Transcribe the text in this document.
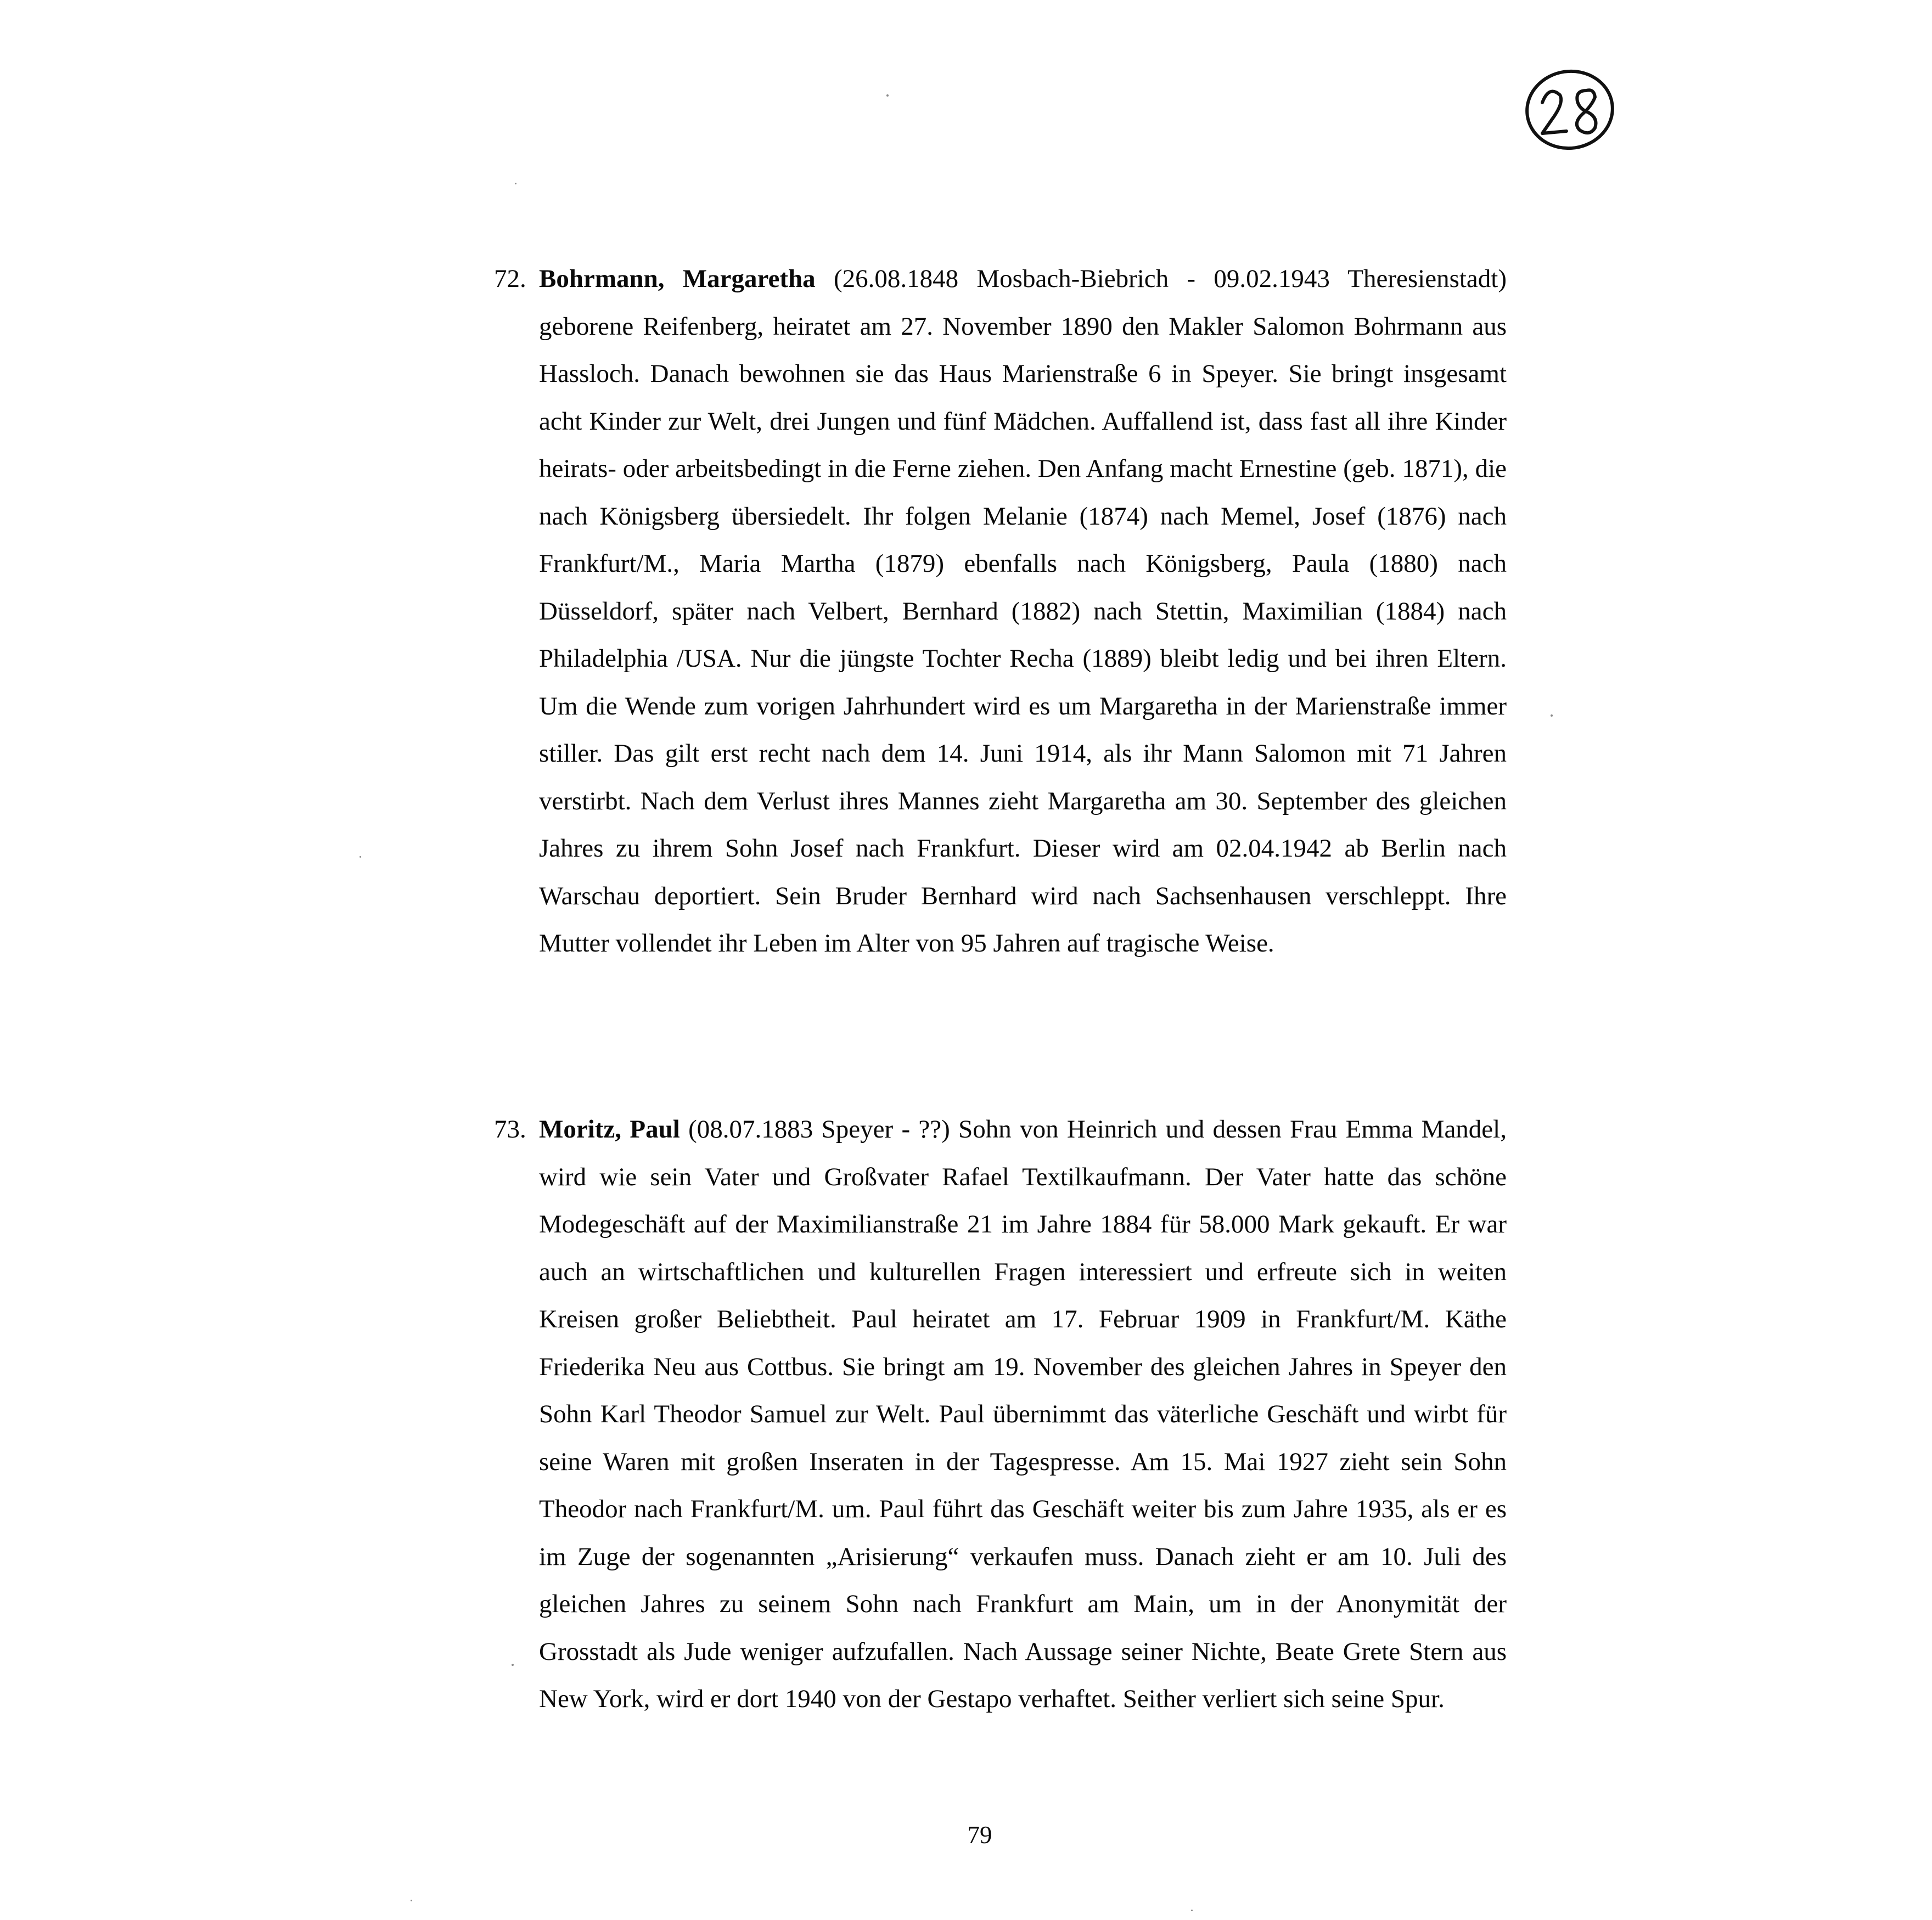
72. Bohrmann, Margaretha (26.08.1848 Mosbach-Biebrich - 09.02.1943 Theresienstadt) geborene Reifenberg, heiratet am 27. November 1890 den Makler Salomon Bohrmann aus Hassloch. Danach bewohnen sie das Haus Marienstraße 6 in Speyer. Sie bringt insgesamt acht Kinder zur Welt, drei Jungen und fünf Mädchen. Auffallend ist, dass fast all ihre Kinder heirats- oder arbeitsbedingt in die Ferne ziehen. Den Anfang macht Ernestine (geb. 1871), die nach Königsberg übersiedelt. Ihr folgen Melanie (1874) nach Memel, Josef (1876) nach Frankfurt/M., Maria Martha (1879) ebenfalls nach Königsberg, Paula (1880) nach Düsseldorf, später nach Velbert, Bernhard (1882) nach Stettin, Maximilian (1884) nach Philadelphia /USA. Nur die jüngste Tochter Recha (1889) bleibt ledig und bei ihren Eltern. Um die Wende zum vorigen Jahrhundert wird es um Margaretha in der Marienstraße immer stiller. Das gilt erst recht nach dem 14. Juni 1914, als ihr Mann Salomon mit 71 Jahren verstirbt. Nach dem Verlust ihres Mannes zieht Margaretha am 30. September des gleichen Jahres zu ihrem Sohn Josef nach Frankfurt. Dieser wird am 02.04.1942 ab Berlin nach Warschau deportiert. Sein Bruder Bernhard wird nach Sachsenhausen verschleppt. Ihre Mutter vollendet ihr Leben im Alter von 95 Jahren auf tragische Weise.
73. Moritz, Paul (08.07.1883 Speyer - ??) Sohn von Heinrich und dessen Frau Emma Mandel, wird wie sein Vater und Großvater Rafael Textilkaufmann. Der Vater hatte das schöne Modegeschäft auf der Maximilianstraße 21 im Jahre 1884 für 58.000 Mark gekauft. Er war auch an wirtschaftlichen und kulturellen Fragen interessiert und erfreute sich in weiten Kreisen großer Beliebtheit. Paul heiratet am 17. Februar 1909 in Frankfurt/M. Käthe Friederika Neu aus Cottbus. Sie bringt am 19. November des gleichen Jahres in Speyer den Sohn Karl Theodor Samuel zur Welt. Paul übernimmt das väterliche Geschäft und wirbt für seine Waren mit großen Inseraten in der Tagespresse. Am 15. Mai 1927 zieht sein Sohn Theodor nach Frankfurt/M. um. Paul führt das Geschäft weiter bis zum Jahre 1935, als er es im Zuge der sogenannten „Arisierung“ verkaufen muss. Danach zieht er am 10. Juli des gleichen Jahres zu seinem Sohn nach Frankfurt am Main, um in der Anonymität der Grosstadt als Jude weniger aufzufallen. Nach Aussage seiner Nichte, Beate Grete Stern aus New York, wird er dort 1940 von der Gestapo verhaftet. Seither verliert sich seine Spur.
79
